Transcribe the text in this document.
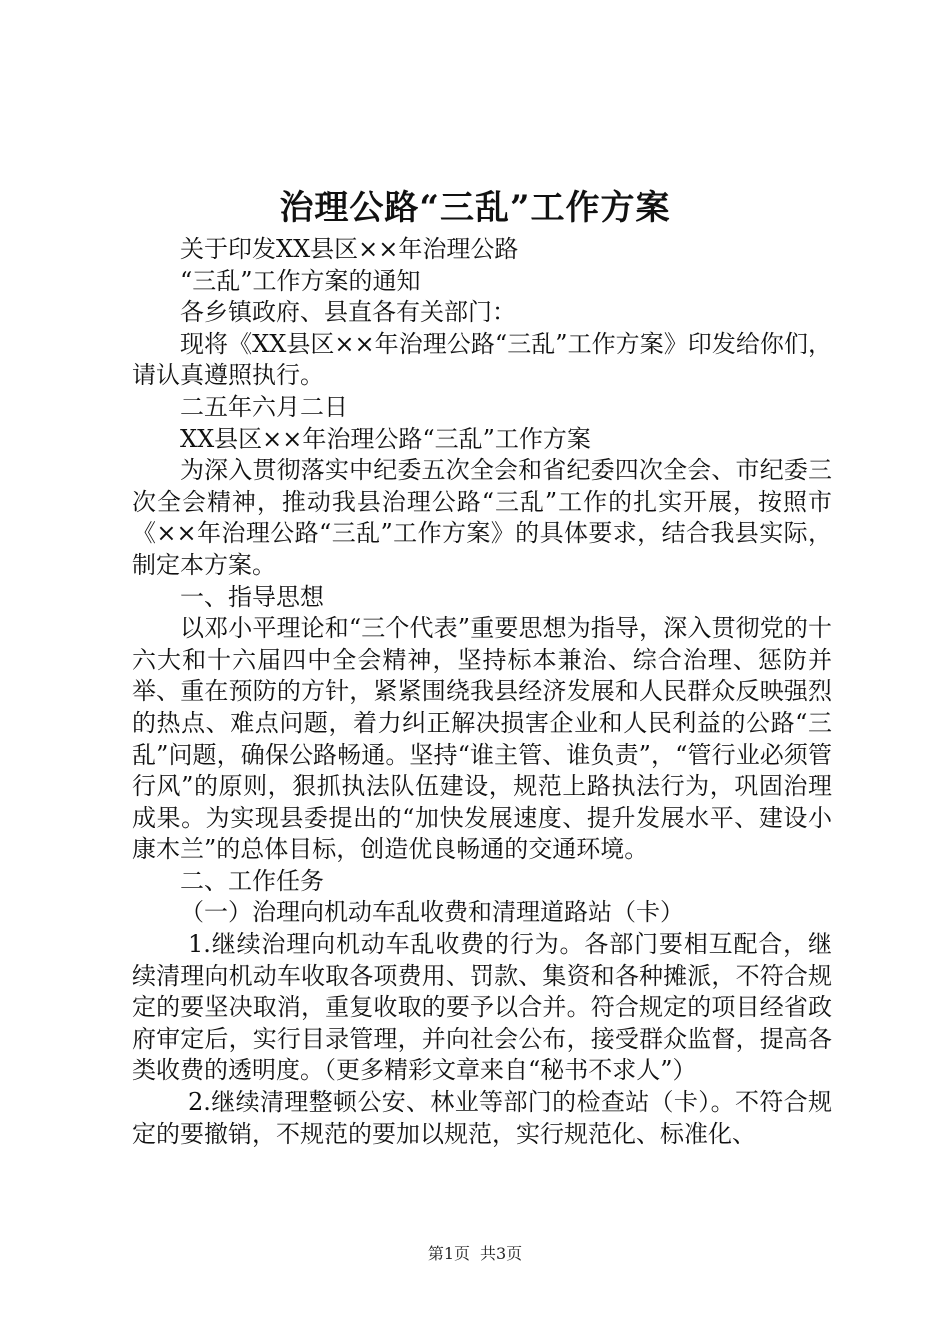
治理公路“三乱”工作方案

关于印发XX县区××年治理公路

“三乱”工作方案的通知

各乡镇政府、县直各有关部门：

现将《XX县区××年治理公路“三乱”工作方案》印发给你们，请认真遵照执行。

二五年六月二日

XX县区××年治理公路“三乱”工作方案

为深入贯彻落实中纪委五次全会和省纪委四次全会、市纪委三次全会精神，推动我县治理公路“三乱”工作的扎实开展，按照市《××年治理公路“三乱”工作方案》的具体要求，结合我县实际，制定本方案。

一、指导思想

以邓小平理论和“三个代表”重要思想为指导，深入贯彻党的十六大和十六届四中全会精神，坚持标本兼治、综合治理、惩防并举、重在预防的方针，紧紧围绕我县经济发展和人民群众反映强烈的热点、难点问题，着力纠正解决损害企业和人民利益的公路“三乱”问题，确保公路畅通。坚持“谁主管、谁负责”，“管行业必须管行风”的原则，狠抓执法队伍建设，规范上路执法行为，巩固治理成果。为实现县委提出的“加快发展速度、提升发展水平、建设小康木兰”的总体目标，创造优良畅通的交通环境。

二、工作任务

（一）治理向机动车乱收费和清理道路站（卡）

1.继续治理向机动车乱收费的行为。各部门要相互配合，继续清理向机动车收取各项费用、罚款、集资和各种摊派，不符合规定的要坚决取消，重复收取的要予以合并。符合规定的项目经省政府审定后，实行目录管理，并向社会公布，接受群众监督，提高各类收费的透明度。（更多精彩文章来自“秘书不求人”）

2.继续清理整顿公安、林业等部门的检查站（卡）。不符合规定的要撤销，不规范的要加以规范，实行规范化、标准化、

第1页 共3页
